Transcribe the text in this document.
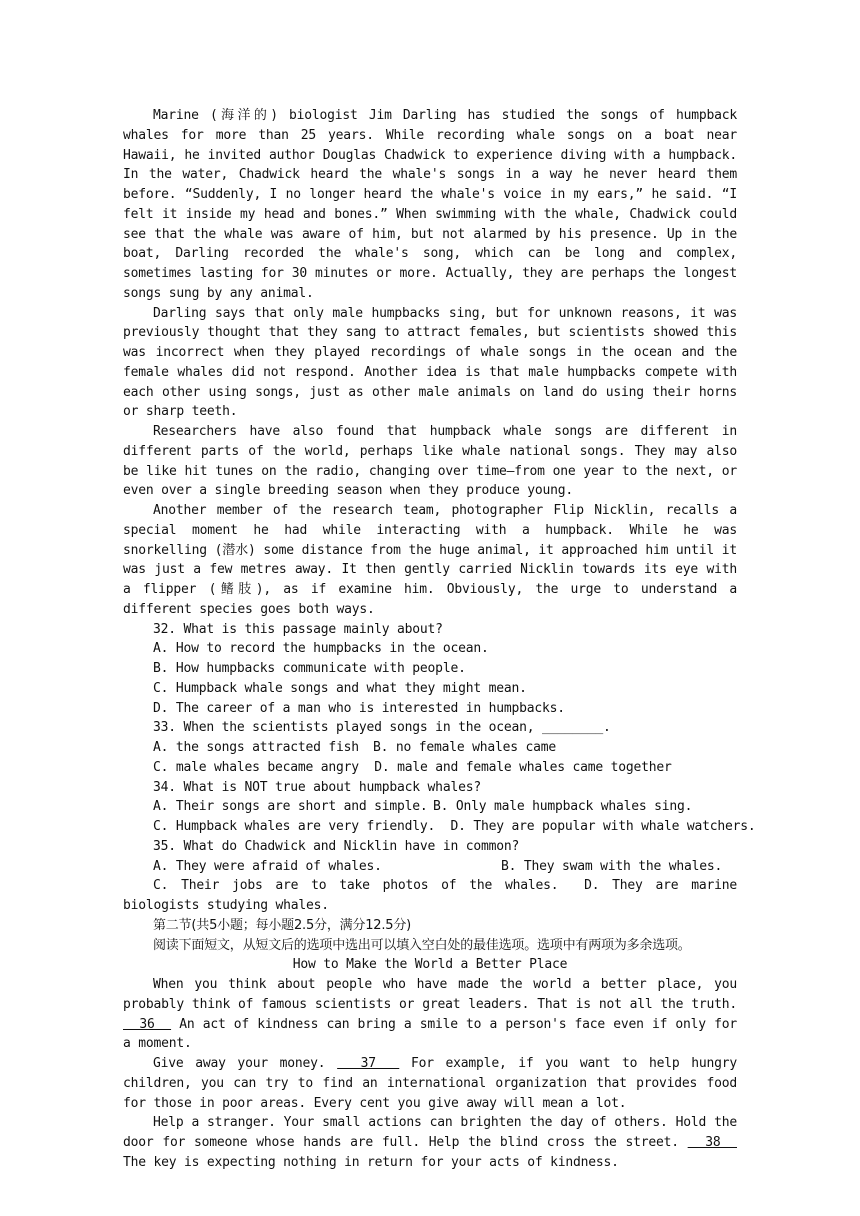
Marine (海洋的) biologist Jim Darling has studied the songs of humpback whales for more than 25 years. While recording whale songs on a boat near Hawaii, he invited author Douglas Chadwick to experience diving with a humpback. In the water, Chadwick heard the whale's songs in a way he never heard them before. “Suddenly, I no longer heard the whale's voice in my ears,” he said. “I felt it inside my head and bones.” When swimming with the whale, Chadwick could see that the whale was aware of him, but not alarmed by his presence. Up in the boat, Darling recorded the whale's song, which can be long and complex, sometimes lasting for 30 minutes or more. Actually, they are perhaps the longest songs sung by any animal.

Darling says that only male humpbacks sing, but for unknown reasons, it was previously thought that they sang to attract females, but scientists showed this was incorrect when they played recordings of whale songs in the ocean and the female whales did not respond. Another idea is that male humpbacks compete with each other using songs, just as other male animals on land do using their horns or sharp teeth.

Researchers have also found that humpback whale songs are different in different parts of the world, perhaps like whale national songs. They may also be like hit tunes on the radio, changing over time—from one year to the next, or even over a single breeding season when they produce young.

Another member of the research team, photographer Flip Nicklin, recalls a special moment he had while interacting with a humpback. While he was snorkelling (潜水) some distance from the huge animal, it approached him until it was just a few metres away. It then gently carried Nicklin towards its eye with a flipper (鳍肢), as if examine him. Obviously, the urge to understand a different species goes both ways.

32. What is this passage mainly about?

A. How to record the humpbacks in the ocean.

B. How humpbacks communicate with people.

C. Humpback whale songs and what they might mean.

D. The career of a man who is interested in humpbacks.

33. When the scientists played songs in the ocean, ________.

A. the songs attracted fish	B. no female whales came
C. male whales became angry
D. male and female whales came together

34. What is NOT true about humpback whales?

A. Their songs are short and simple. B. Only male humpback whales sing.
C. Humpback whales are very friendly.
D. They are popular with whale watchers.

35. What do Chadwick and Nicklin have in common?

A. They were afraid of whales.	B. They swam with the whales.

C. Their jobs are to take photos of the whales. D. They are marine biologists studying whales.

第二节(共5小题；每小题2.5分，满分12.5分)

阅读下面短文，从短文后的选项中选出可以填入空白处的最佳选项。选项中有两项为多余选项。

How to Make the World a Better Place

When you think about people who have made the world a better place, you probably think of famous scientists or great leaders. That is not all the truth.   36   An act of kindness can bring a smile to a person's face even if only for a moment.

Give away your money.   37   For example, if you want to help hungry children, you can try to find an international organization that provides food for those in poor areas. Every cent you give away will mean a lot.

Help a stranger. Your small actions can brighten the day of others. Hold the door for someone whose hands are full. Help the blind cross the street.   38   The key is expecting nothing in return for your acts of kindness.
